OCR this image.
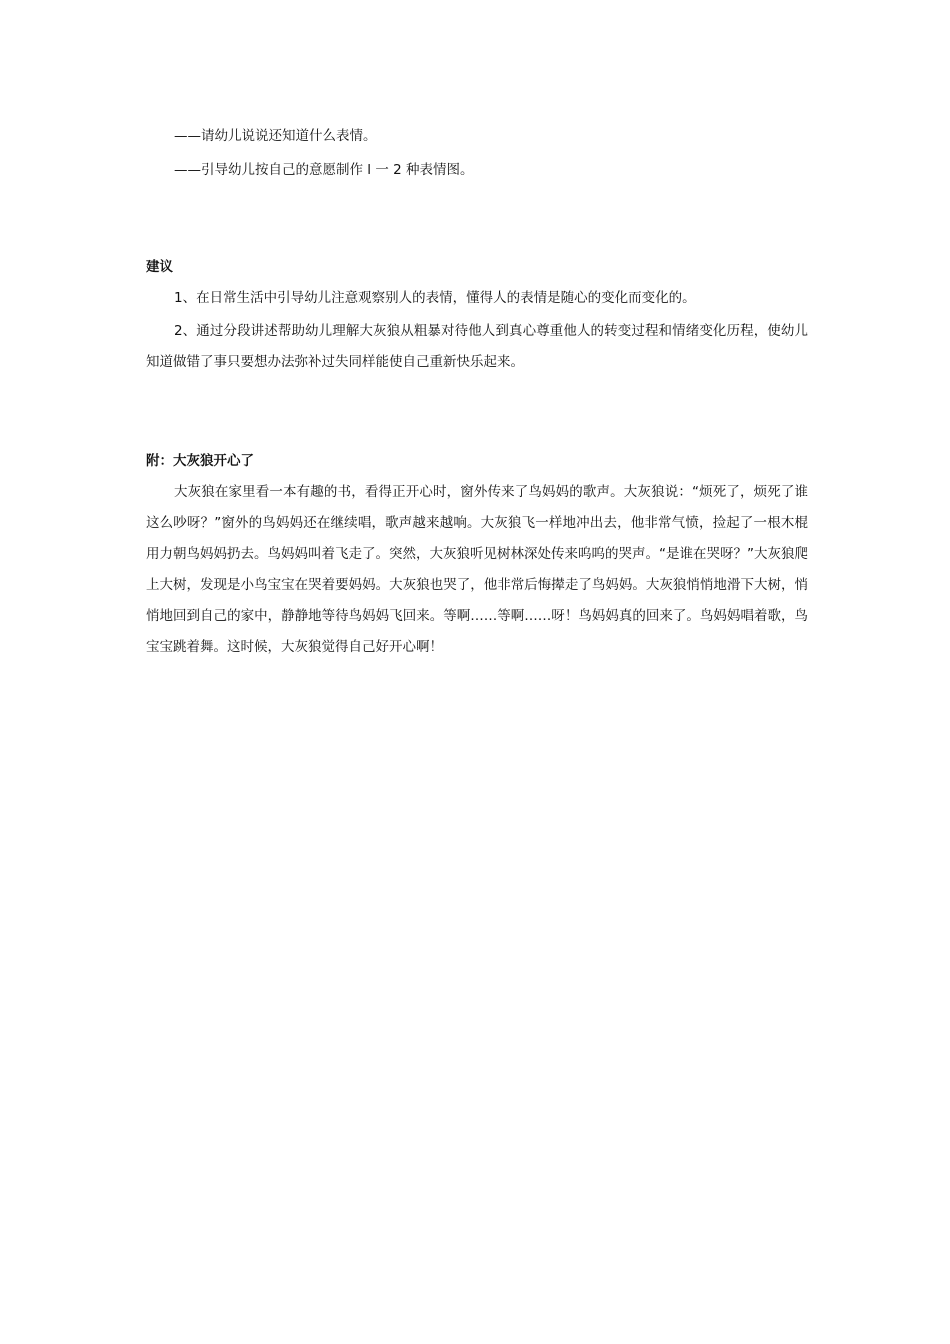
——请幼儿说说还知道什么表情。
——引导幼儿按自己的意愿制作 l 一 2 种表情图。
建议
1、在日常生活中引导幼儿注意观察别人的表情，懂得人的表情是随心的变化而变化的。
2、通过分段讲述帮助幼儿理解大灰狼从粗暴对待他人到真心尊重他人的转变过程和情绪变化历程，使幼儿知道做错了事只要想办法弥补过失同样能使自己重新快乐起来。
附：大灰狼开心了
大灰狼在家里看一本有趣的书，看得正开心时，窗外传来了鸟妈妈的歌声。大灰狼说：“烦死了，烦死了谁这么吵呀？”窗外的鸟妈妈还在继续唱，歌声越来越响。大灰狼飞一样地冲出去，他非常气愤，捡起了一根木棍用力朝鸟妈妈扔去。鸟妈妈叫着飞走了。突然，大灰狼听见树林深处传来呜呜的哭声。“是谁在哭呀？”大灰狼爬上大树，发现是小鸟宝宝在哭着要妈妈。大灰狼也哭了，他非常后悔撵走了鸟妈妈。大灰狼悄悄地滑下大树，悄悄地回到自己的家中，静静地等待鸟妈妈飞回来。等啊……等啊……呀！鸟妈妈真的回来了。鸟妈妈唱着歌，鸟宝宝跳着舞。这时候，大灰狼觉得自己好开心啊！
